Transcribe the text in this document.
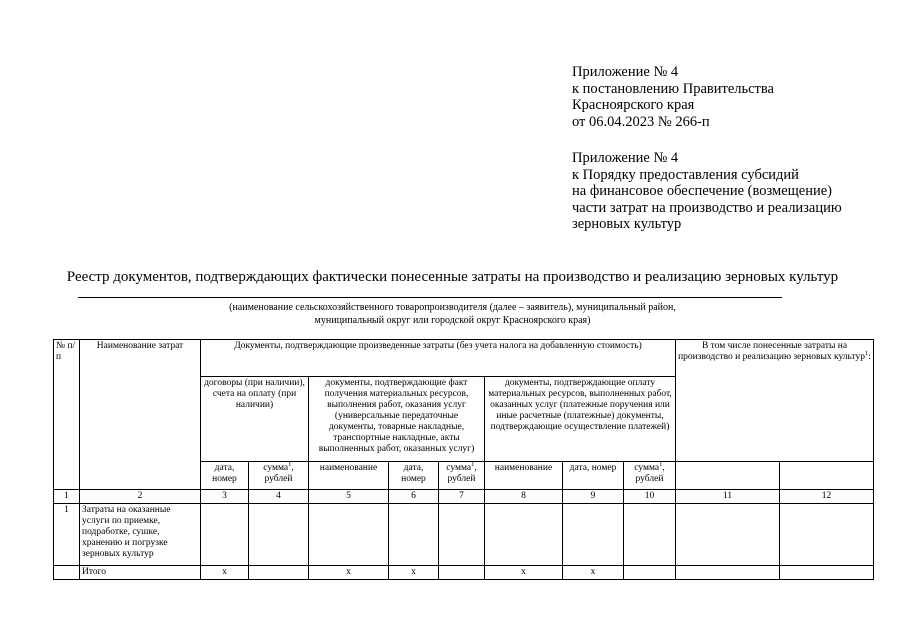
Приложение № 4
к постановлению Правительства
Красноярского края
от 06.04.2023 № 266-п
Приложение № 4
к Порядку предоставления субсидий
на финансовое обеспечение (возмещение)
части затрат на производство и реализацию
зерновых культур
Реестр документов, подтверждающих фактически понесенные затраты на производство и реализацию зерновых культур
(наименование сельскохозяйственного товаропроизводителя (далее – заявитель), муниципальный район,
муниципальный округ или городской округ Красноярского края)
№ п/п	Наименование затрат	Документы, подтверждающие произведенные затраты (без учета налога на добавленную стоимость)								В том числе понесенные затраты на производство и реализацию зерновых культур$^1$:	
		договоры (при наличии), счета на оплату (при наличии)		документы, подтверждающие факт получения материальных ресурсов, выполнения работ, оказания услуг (универсальные передаточные документы, товарные накладные, транспортные накладные, акты выполненных работ, оказанных услуг)			документы, подтверждающие оплату материальных ресурсов, выполненных работ, оказанных услуг (платежные поручения или иные расчетные (платежные) документы, подтверждающие осуществление платежей)				
		дата, номер	сумма$^1$, рублей	наименование	дата, номер	сумма$^1$, рублей	наименование	дата, номер	сумма$^1$, рублей		
1	2	3	4	5	6	7	8	9	10	11	12
1	Затраты на оказанные услуги по приемке, подработке, сушке, хранению и погрузке зерновых культур										
	Итого	х		х	х		х	х			
